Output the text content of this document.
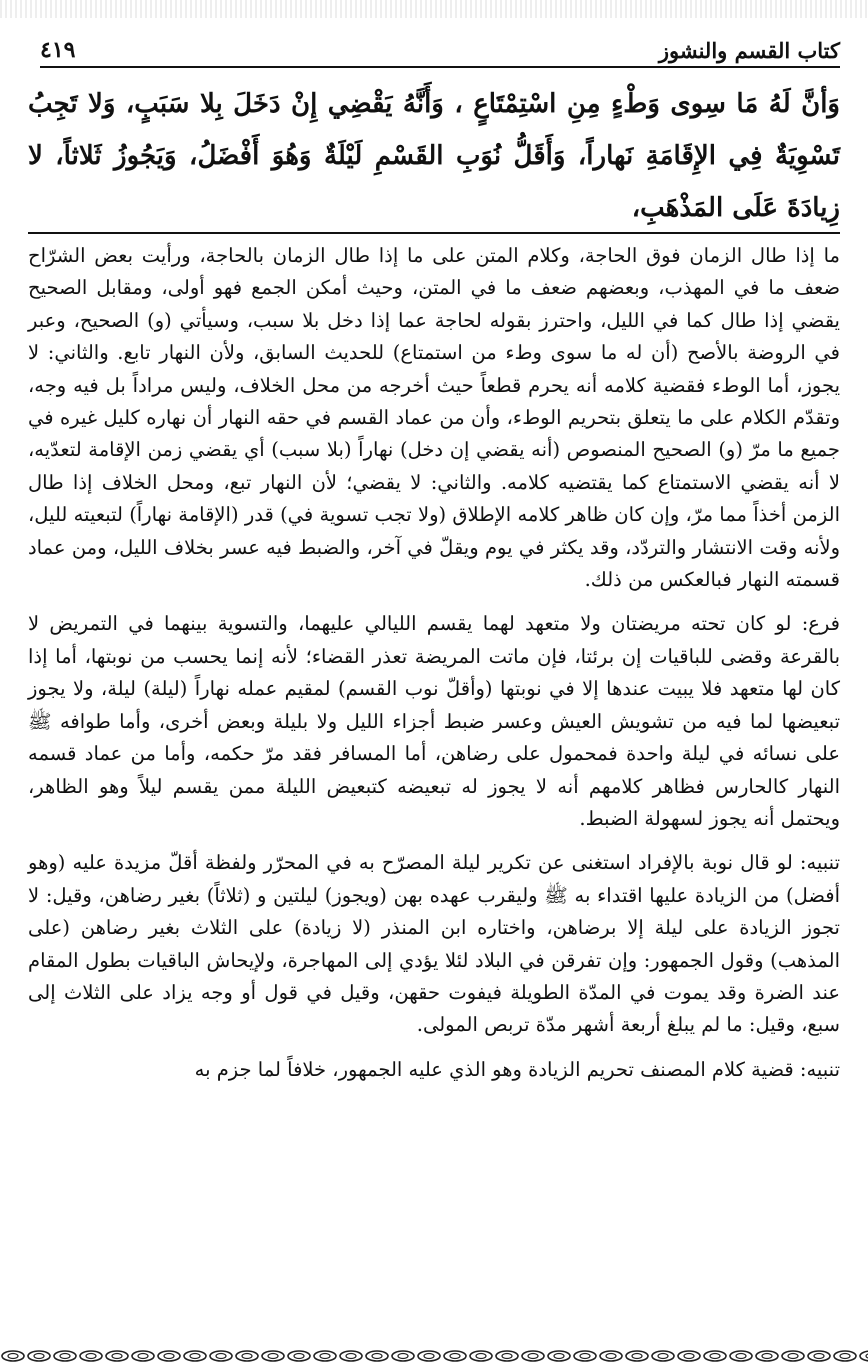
٤١٩	كتاب القسم والنشوز
وَأنَّ لَهُ مَا سِوى وَطْءٍ مِنِ اسْتِمْتَاعٍ ، وَأَنَّهُ يَقْضِي إِنْ دَخَلَ بِلا سَبَبٍ، وَلا تَجِبُ تَسْوِيَةٌ فِي الإِقَامَةِ نَهاراً، وَأَقَلُّ نُوَبِ القَسْمِ لَيْلَةٌ وَهُوَ أَفْضَلُ، وَيَجُوزُ ثَلاثاً، لا زِيادَةَ عَلَى المَذْهَبِ،

ما إذا طال الزمان فوق الحاجة، وكلام المتن على ما إذا طال الزمان بالحاجة، ورأيت بعض الشرّاح ضعف ما في المهذب، وبعضهم ضعف ما في المتن، وحيث أمكن الجمع فهو أولى، ومقابل الصحيح يقضي إذا طال كما في الليل، واحترز بقوله لحاجة عما إذا دخل بلا سبب، وسيأتي (و) الصحيح، وعبر في الروضة بالأصح (أن له ما سوى وطء من استمتاع) للحديث السابق، ولأن النهار تابع. والثاني: لا يجوز، أما الوطء فقضية كلامه أنه يحرم قطعاً حيث أخرجه من محل الخلاف، وليس مراداً بل فيه وجه، وتقدّم الكلام على ما يتعلق بتحريم الوطء، وأن من عماد القسم في حقه النهار أن نهاره كليل غيره في جميع ما مرّ (و) الصحيح المنصوص (أنه يقضي إن دخل) نهاراً (بلا سبب) أي يقضي زمن الإقامة لتعدّيه، لا أنه يقضي الاستمتاع كما يقتضيه كلامه. والثاني: لا يقضي؛ لأن النهار تبع، ومحل الخلاف إذا طال الزمن أخذاً مما مرّ، وإن كان ظاهر كلامه الإطلاق (ولا تجب تسوية في) قدر (الإقامة نهاراً) لتبعيته لليل، ولأنه وقت الانتشار والتردّد، وقد يكثر في يوم ويقلّ في آخر، والضبط فيه عسر بخلاف الليل، ومن عماد قسمته النهار فبالعكس من ذلك.

فرع: لو كان تحته مريضتان ولا متعهد لهما يقسم الليالي عليهما، والتسوية بينهما في التمريض لا بالقرعة وقضى للباقيات إن برئتا، فإن ماتت المريضة تعذر القضاء؛ لأنه إنما يحسب من نوبتها، أما إذا كان لها متعهد فلا يبيت عندها إلا في نوبتها (وأقلّ نوب القسم) لمقيم عمله نهاراً (ليلة) ليلة، ولا يجوز تبعيضها لما فيه من تشويش العيش وعسر ضبط أجزاء الليل ولا بليلة وبعض أخرى، وأما طوافه ﷺ على نسائه في ليلة واحدة فمحمول على رضاهن، أما المسافر فقد مرّ حكمه، وأما من عماد قسمه النهار كالحارس فظاهر كلامهم أنه لا يجوز له تبعيضه كتبعيض الليلة ممن يقسم ليلاً وهو الظاهر، ويحتمل أنه يجوز لسهولة الضبط.

تنبيه: لو قال نوبة بالإفراد استغنى عن تكرير ليلة المصرّح به في المحرّر ولفظة أقلّ مزيدة عليه (وهو أفضل) من الزيادة عليها اقتداء به ﷺ وليقرب عهده بهن (ويجوز) ليلتين و (ثلاثاً) بغير رضاهن، وقيل: لا تجوز الزيادة على ليلة إلا برضاهن، واختاره ابن المنذر (لا زيادة) على الثلاث بغير رضاهن (على المذهب) وقول الجمهور: وإن تفرقن في البلاد لئلا يؤدي إلى المهاجرة، ولإيحاش الباقيات بطول المقام عند الضرة وقد يموت في المدّة الطويلة فيفوت حقهن، وقيل في قول أو وجه يزاد على الثلاث إلى سبع، وقيل: ما لم يبلغ أربعة أشهر مدّة تربص المولى.

تنبيه: قضية كلام المصنف تحريم الزيادة وهو الذي عليه الجمهور، خلافاً لما جزم به
